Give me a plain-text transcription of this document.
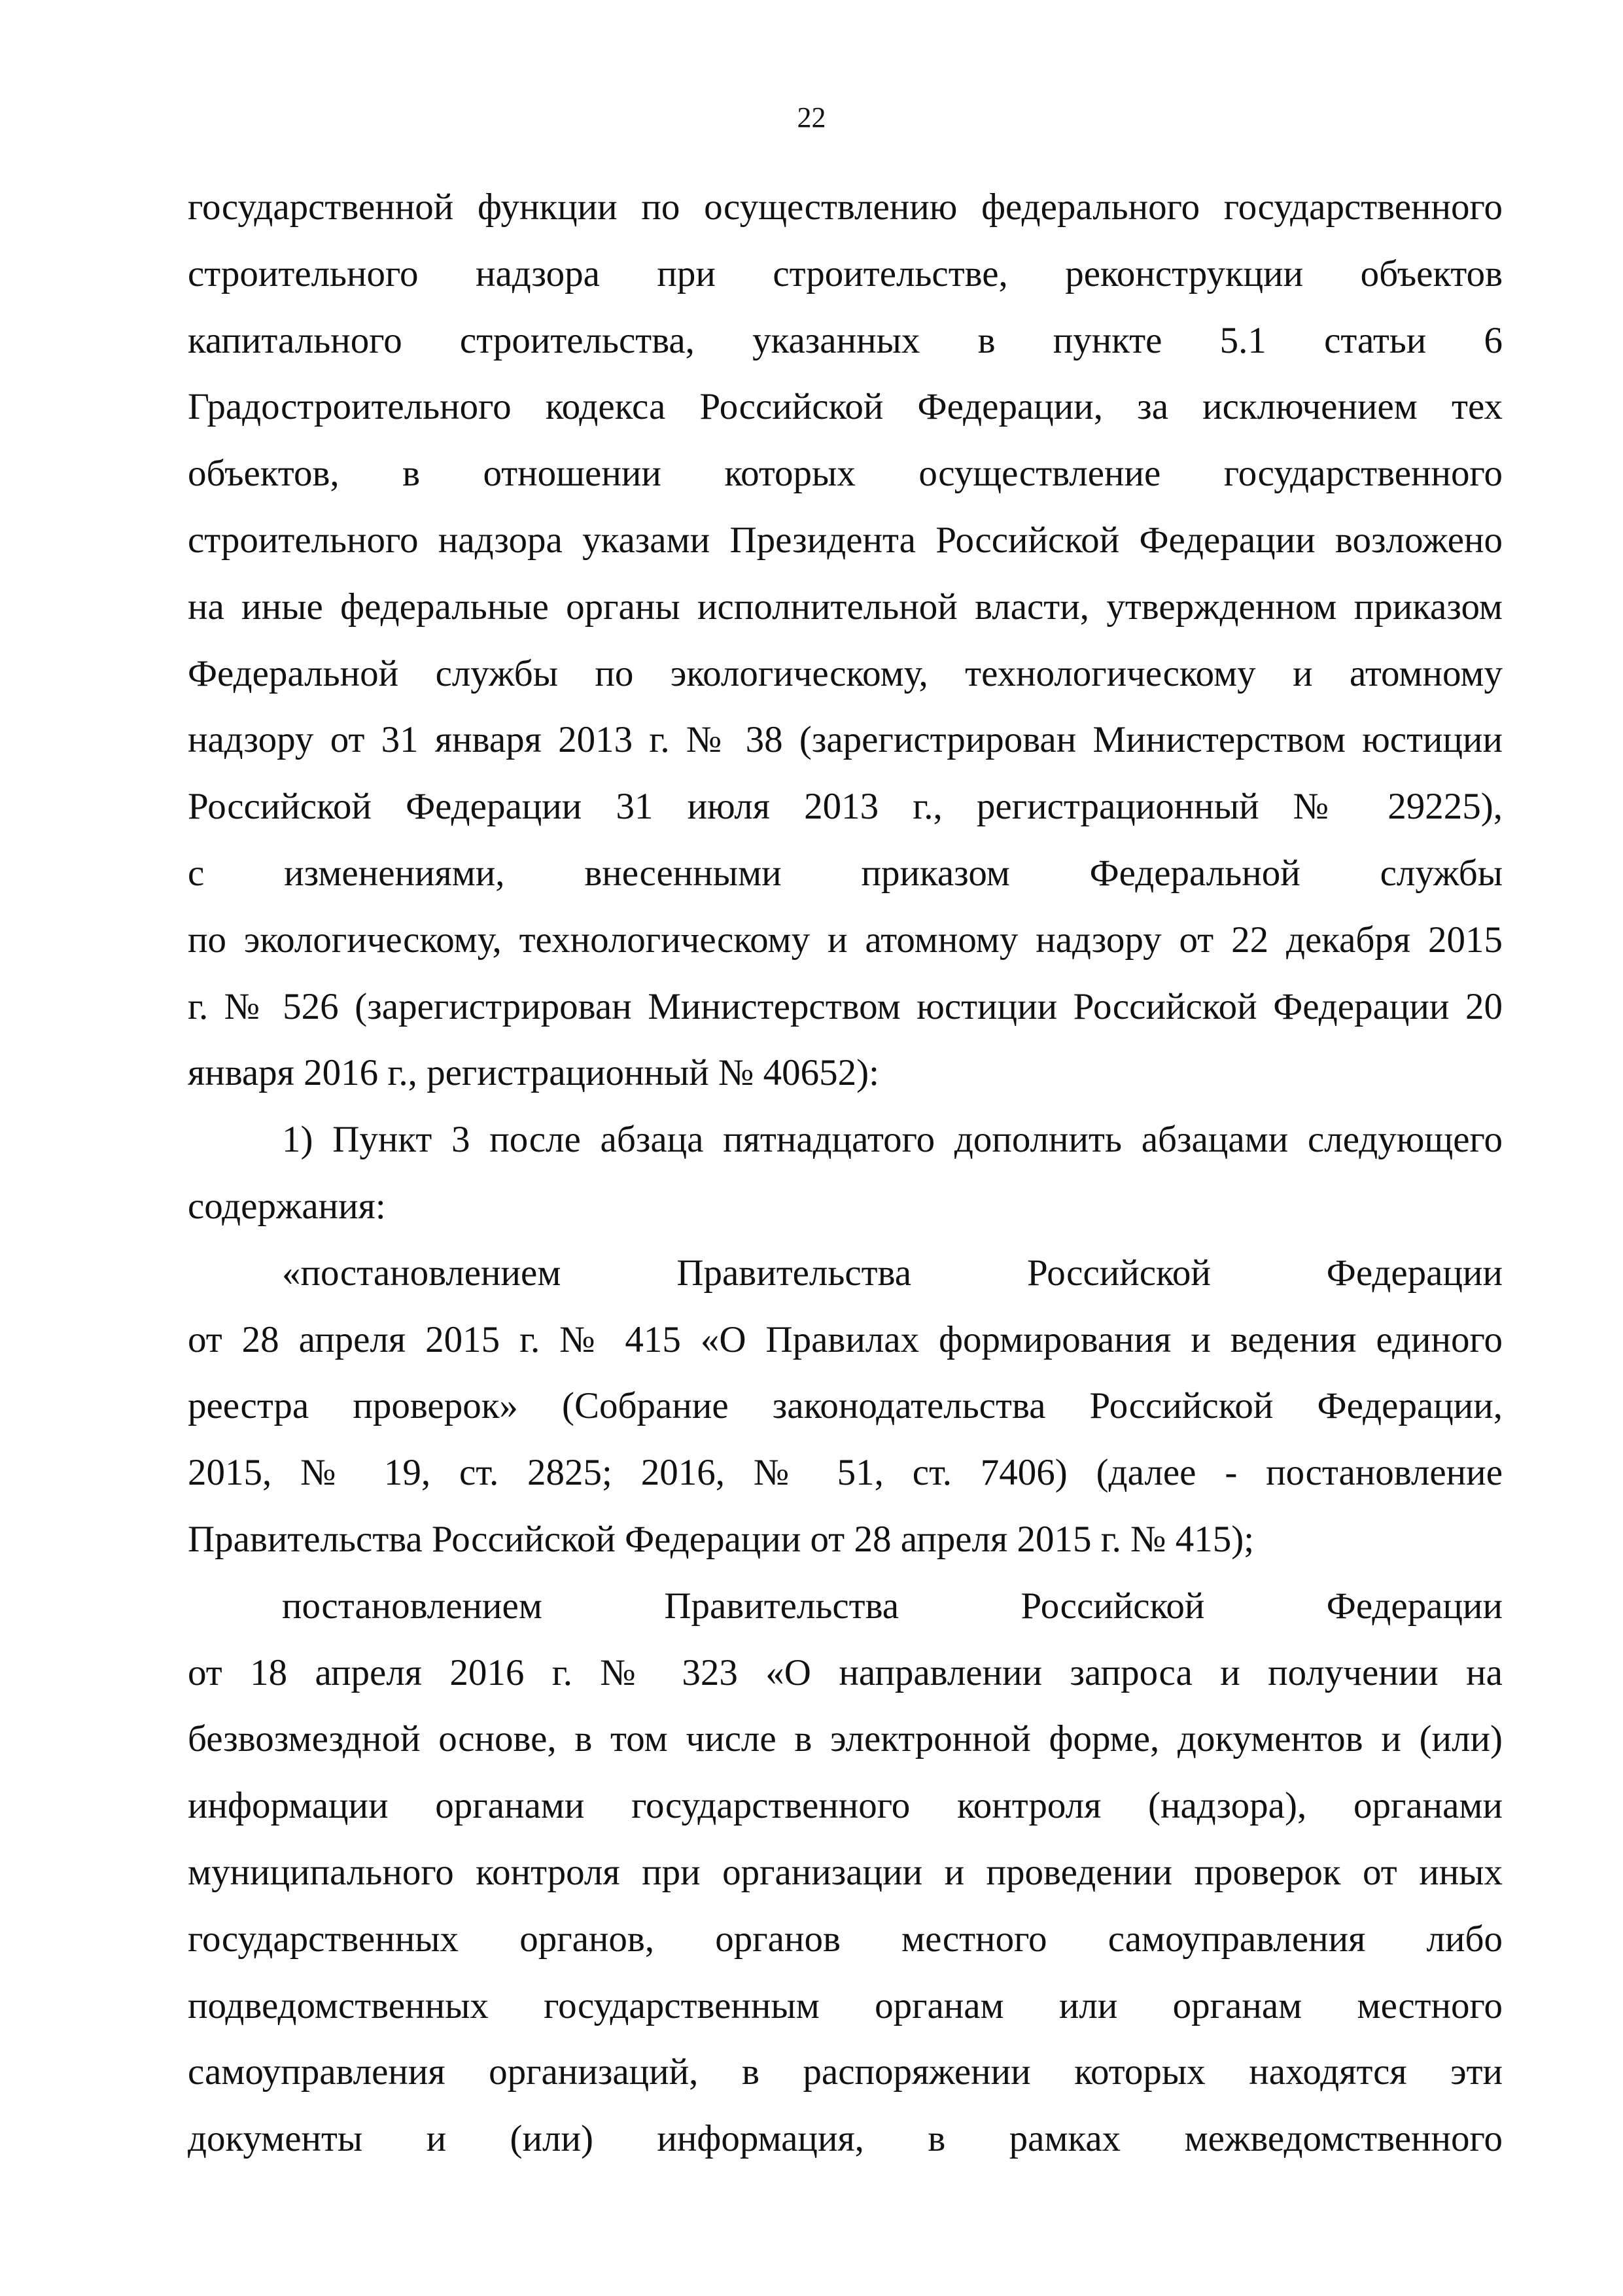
22
государственной функции по осуществлению федерального государственного
строительного надзора при строительстве, реконструкции объектов
капитального строительства, указанных в пункте 5.1 статьи 6
Градостроительного кодекса Российской Федерации, за исключением тех
объектов, в отношении которых осуществление государственного
строительного надзора указами Президента Российской Федерации возложено
на иные федеральные органы исполнительной власти, утвержденном приказом
Федеральной службы по экологическому, технологическому и атомному
надзору от 31 января 2013 г. № 38 (зарегистрирован Министерством юстиции
Российской Федерации 31 июля 2013 г., регистрационный № 29225),
с изменениями, внесенными приказом Федеральной службы
по экологическому, технологическому и атомному надзору от 22 декабря 2015
г. № 526 (зарегистрирован Министерством юстиции Российской Федерации 20
января 2016 г., регистрационный № 40652):
1) Пункт 3 после абзаца пятнадцатого дополнить абзацами следующего
содержания:
«постановлением Правительства Российской Федерации
от 28 апреля 2015 г. № 415 «О Правилах формирования и ведения единого
реестра проверок» (Собрание законодательства Российской Федерации,
2015, № 19, ст. 2825; 2016, № 51, ст. 7406) (далее - постановление
Правительства Российской Федерации от 28 апреля 2015 г. № 415);
постановлением Правительства Российской Федерации
от 18 апреля 2016 г. № 323 «О направлении запроса и получении на
безвозмездной основе, в том числе в электронной форме, документов и (или)
информации органами государственного контроля (надзора), органами
муниципального контроля при организации и проведении проверок от иных
государственных органов, органов местного самоуправления либо
подведомственных государственным органам или органам местного
самоуправления организаций, в распоряжении которых находятся эти
документы и (или) информация, в рамках межведомственного
